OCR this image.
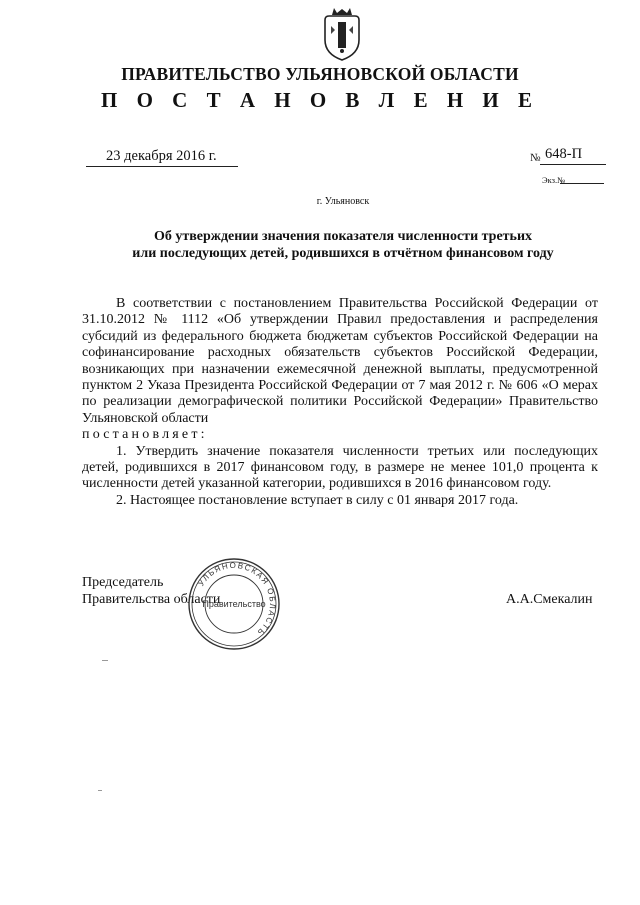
ПРАВИТЕЛЬСТВО УЛЬЯНОВСКОЙ ОБЛАСТИ
П О С Т А Н О В Л Е Н И Е
23 декабря 2016 г.	№ 648-П
Экз.№
г. Ульяновск
Об утверждении значения показателя численности третьих
или последующих детей, родившихся в отчётном финансовом году

В соответствии с постановлением Правительства Российской Федерации от 31.10.2012 № 1112 «Об утверждении Правил предоставления и распределения субсидий из федерального бюджета бюджетам субъектов Российской Федерации на софинансирование расходных обязательств субъектов Российской Федерации, возникающих при назначении ежемесячной денежной выплаты, предусмотренной пунктом 2 Указа Президента Российской Федерации от 7 мая 2012 г. № 606 «О мерах по реализации демографической политики Российской Федерации» Правительство Ульяновской области

постановляет:

1. Утвердить значение показателя численности третьих или последующих детей, родившихся в 2017 финансовом году, в размере не менее 101,0 процента к численности детей указанной категории, родившихся в 2016 финансовом году.

2. Настоящее постановление вступает в силу с 01 января 2017 года.

Председатель
Правительства области	А.А.Смекалин
УЛЬЯНОВСКАЯ ОБЛАСТЬ
Правительство
